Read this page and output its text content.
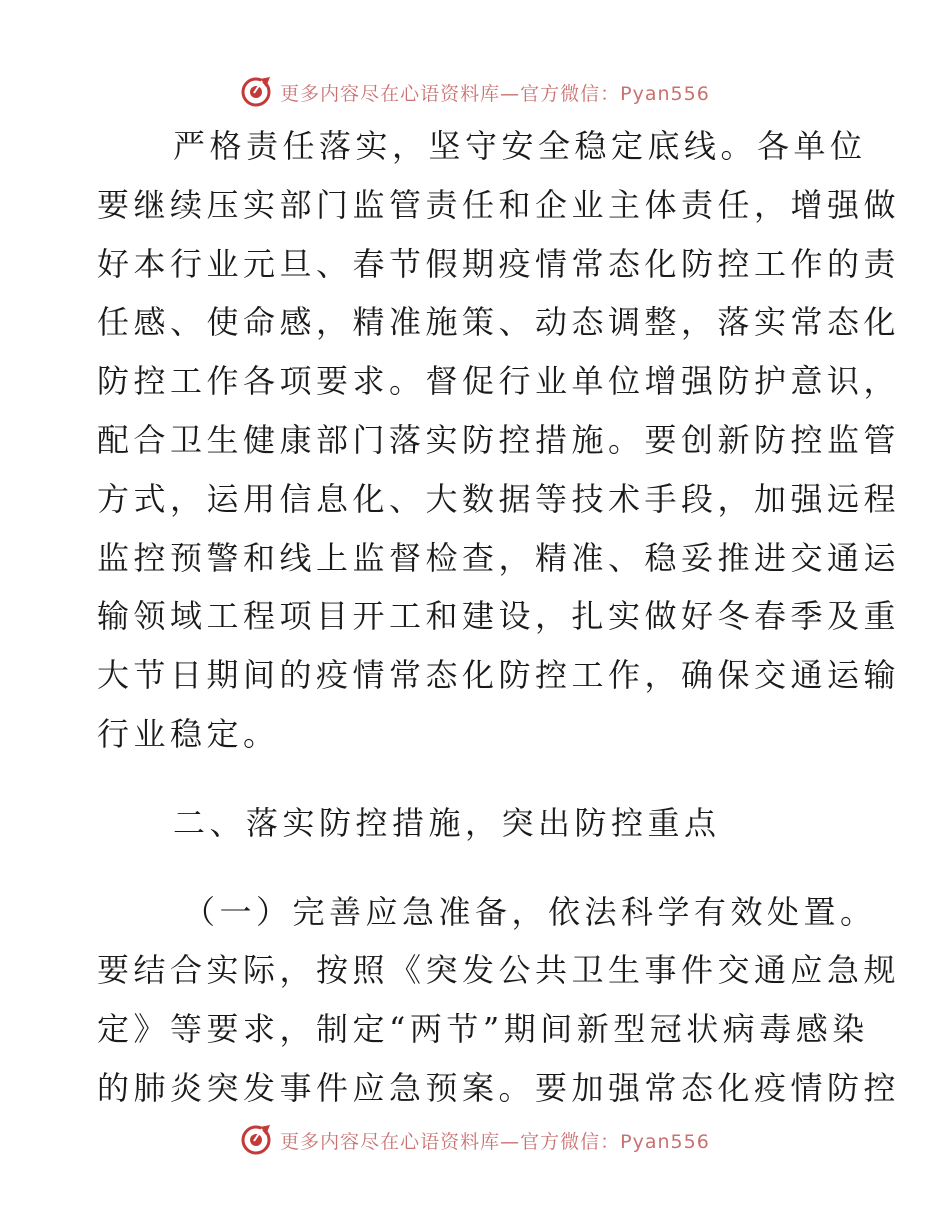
更多内容尽在心语资料库—官方微信：Pyan556
严格责任落实，坚守安全稳定底线。各单位
要继续压实部门监管责任和企业主体责任，增强做
好本行业元旦、春节假期疫情常态化防控工作的责
任感、使命感，精准施策、动态调整，落实常态化
防控工作各项要求。督促行业单位增强防护意识，
配合卫生健康部门落实防控措施。要创新防控监管
方式，运用信息化、大数据等技术手段，加强远程
监控预警和线上监督检查，精准、稳妥推进交通运
输领域工程项目开工和建设，扎实做好冬春季及重
大节日期间的疫情常态化防控工作，确保交通运输
行业稳定。
二、落实防控措施，突出防控重点
（一）完善应急准备，依法科学有效处置。
要结合实际，按照《突发公共卫生事件交通应急规
定》等要求，制定“两节”期间新型冠状病毒感染
的肺炎突发事件应急预案。要加强常态化疫情防控
更多内容尽在心语资料库—官方微信：Pyan556
